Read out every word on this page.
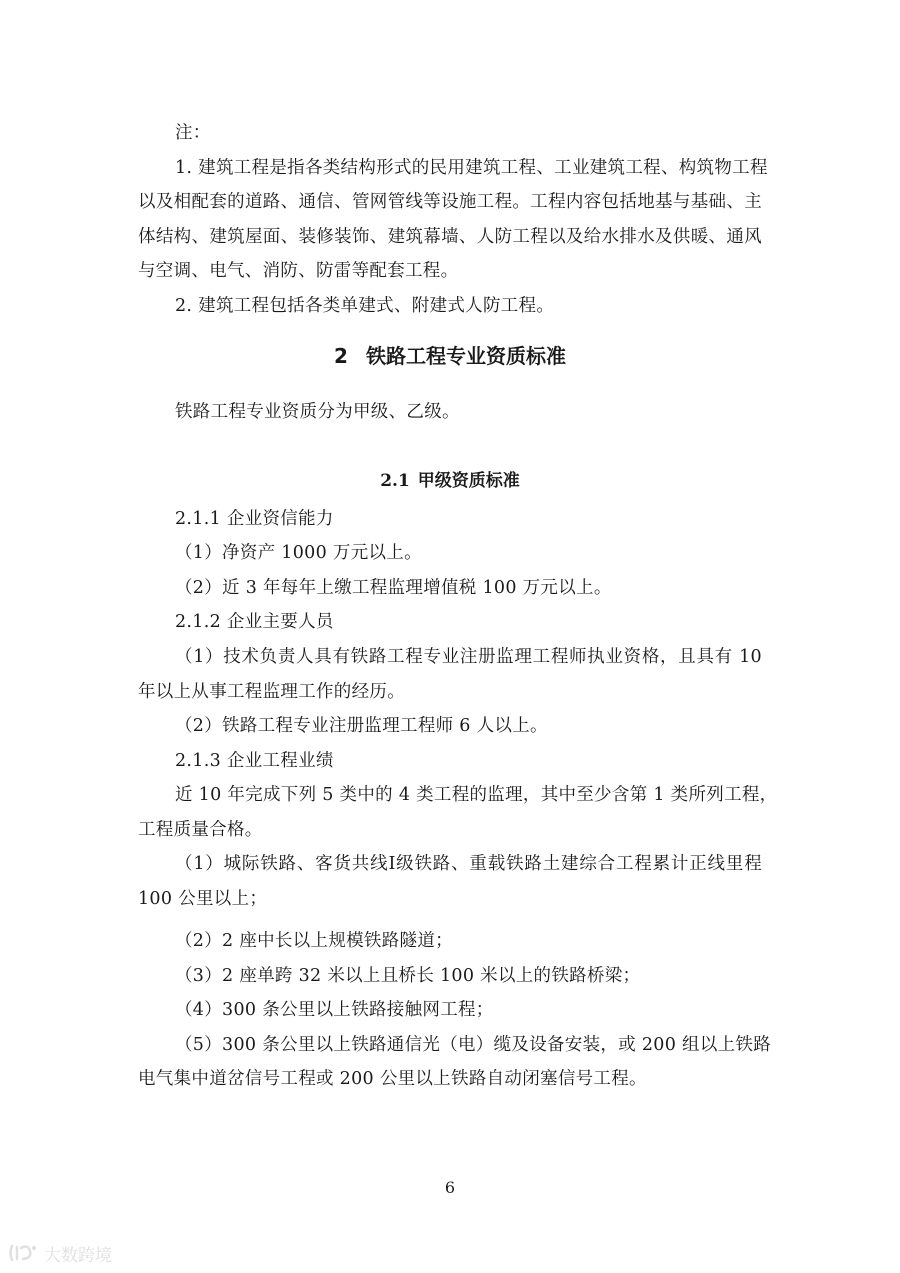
注：
1. 建筑工程是指各类结构形式的民用建筑工程、工业建筑工程、构筑物工程
以及相配套的道路、通信、管网管线等设施工程。工程内容包括地基与基础、主
体结构、建筑屋面、装修装饰、建筑幕墙、人防工程以及给水排水及供暖、通风
与空调、电气、消防、防雷等配套工程。
2. 建筑工程包括各类单建式、附建式人防工程。
2 铁路工程专业资质标准
铁路工程专业资质分为甲级、乙级。
2.1 甲级资质标准
2.1.1 企业资信能力
（1）净资产 1000 万元以上。
（2）近 3 年每年上缴工程监理增值税 100 万元以上。
2.1.2 企业主要人员
（1）技术负责人具有铁路工程专业注册监理工程师执业资格，且具有 10
年以上从事工程监理工作的经历。
（2）铁路工程专业注册监理工程师 6 人以上。
2.1.3 企业工程业绩
近 10 年完成下列 5 类中的 4 类工程的监理，其中至少含第 1 类所列工程，
工程质量合格。
（1）城际铁路、客货共线Ⅰ级铁路、重载铁路土建综合工程累计正线里程
100 公里以上；
（2）2 座中长以上规模铁路隧道；
（3）2 座单跨 32 米以上且桥长 100 米以上的铁路桥梁；
（4）300 条公里以上铁路接触网工程；
（5）300 条公里以上铁路通信光（电）缆及设备安装，或 200 组以上铁路
电气集中道岔信号工程或 200 公里以上铁路自动闭塞信号工程。
6
大数跨境
